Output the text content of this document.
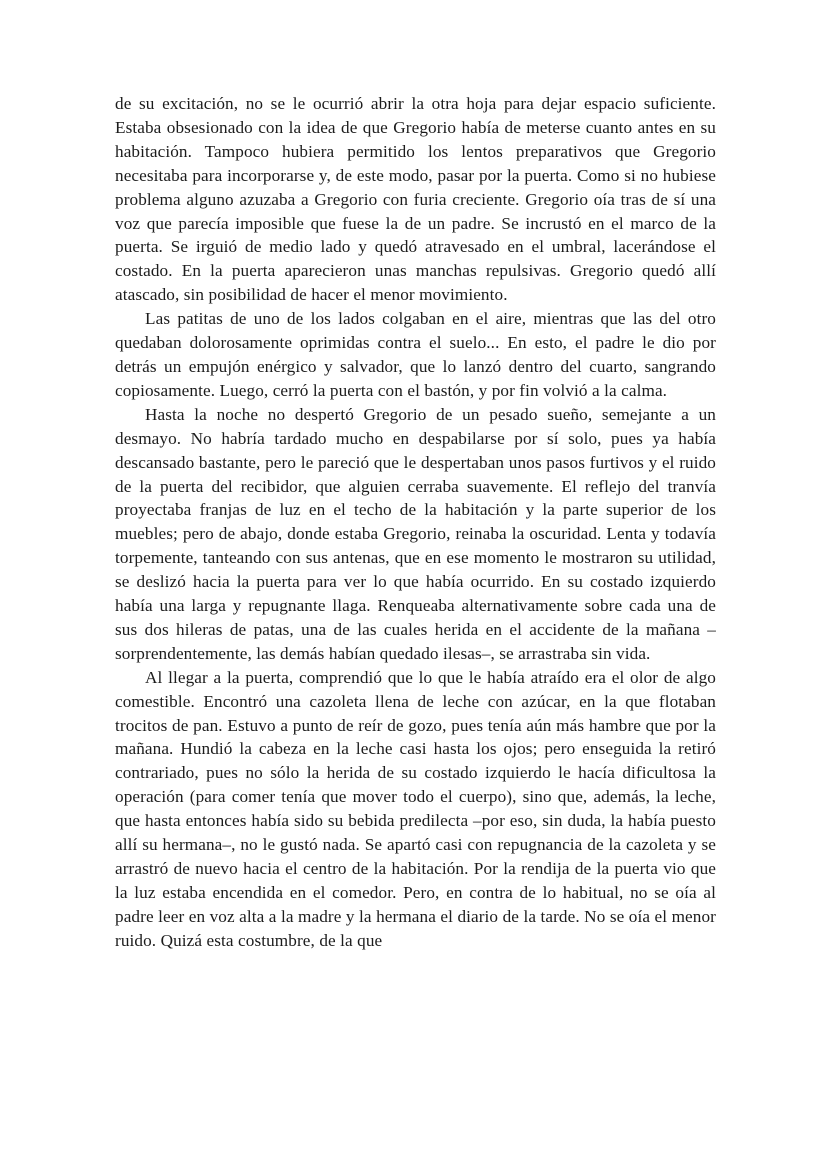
de su excitación, no se le ocurrió abrir la otra hoja para dejar espacio suficiente. Estaba obsesionado con la idea de que Gregorio había de meterse cuanto antes en su habitación. Tampoco hubiera permitido los lentos preparativos que Gregorio necesitaba para incorporarse y, de este modo, pasar por la puerta. Como si no hubiese problema alguno azuzaba a Gregorio con furia creciente. Gregorio oía tras de sí una voz que parecía imposible que fuese la de un padre. Se incrustó en el marco de la puerta. Se irguió de medio lado y quedó atravesado en el umbral, lacerándose el costado. En la puerta aparecieron unas manchas repulsivas. Gregorio quedó allí atascado, sin posibilidad de hacer el menor movimiento.

Las patitas de uno de los lados colgaban en el aire, mientras que las del otro quedaban dolorosamente oprimidas contra el suelo... En esto, el padre le dio por detrás un empujón enérgico y salvador, que lo lanzó dentro del cuarto, sangrando copiosamente. Luego, cerró la puerta con el bastón, y por fin volvió a la calma.

Hasta la noche no despertó Gregorio de un pesado sueño, semejante a un desmayo. No habría tardado mucho en despabilarse por sí solo, pues ya había descansado bastante, pero le pareció que le despertaban unos pasos furtivos y el ruido de la puerta del recibidor, que alguien cerraba suavemente. El reflejo del tranvía proyectaba franjas de luz en el techo de la habitación y la parte superior de los muebles; pero de abajo, donde estaba Gregorio, reinaba la oscuridad. Lenta y todavía torpemente, tanteando con sus antenas, que en ese momento le mostraron su utilidad, se deslizó hacia la puerta para ver lo que había ocurrido. En su costado izquierdo había una larga y repugnante llaga. Renqueaba alternativamente sobre cada una de sus dos hileras de patas, una de las cuales herida en el accidente de la mañana –sorprendentemente, las demás habían quedado ilesas–, se arrastraba sin vida.

Al llegar a la puerta, comprendió que lo que le había atraído era el olor de algo comestible. Encontró una cazoleta llena de leche con azúcar, en la que flotaban trocitos de pan. Estuvo a punto de reír de gozo, pues tenía aún más hambre que por la mañana. Hundió la cabeza en la leche casi hasta los ojos; pero enseguida la retiró contrariado, pues no sólo la herida de su costado izquierdo le hacía dificultosa la operación (para comer tenía que mover todo el cuerpo), sino que, además, la leche, que hasta entonces había sido su bebida predilecta –por eso, sin duda, la había puesto allí su hermana–, no le gustó nada. Se apartó casi con repugnancia de la cazoleta y se arrastró de nuevo hacia el centro de la habitación. Por la rendija de la puerta vio que la luz estaba encendida en el comedor. Pero, en contra de lo habitual, no se oía al padre leer en voz alta a la madre y la hermana el diario de la tarde. No se oía el menor ruido. Quizá esta costumbre, de la que
